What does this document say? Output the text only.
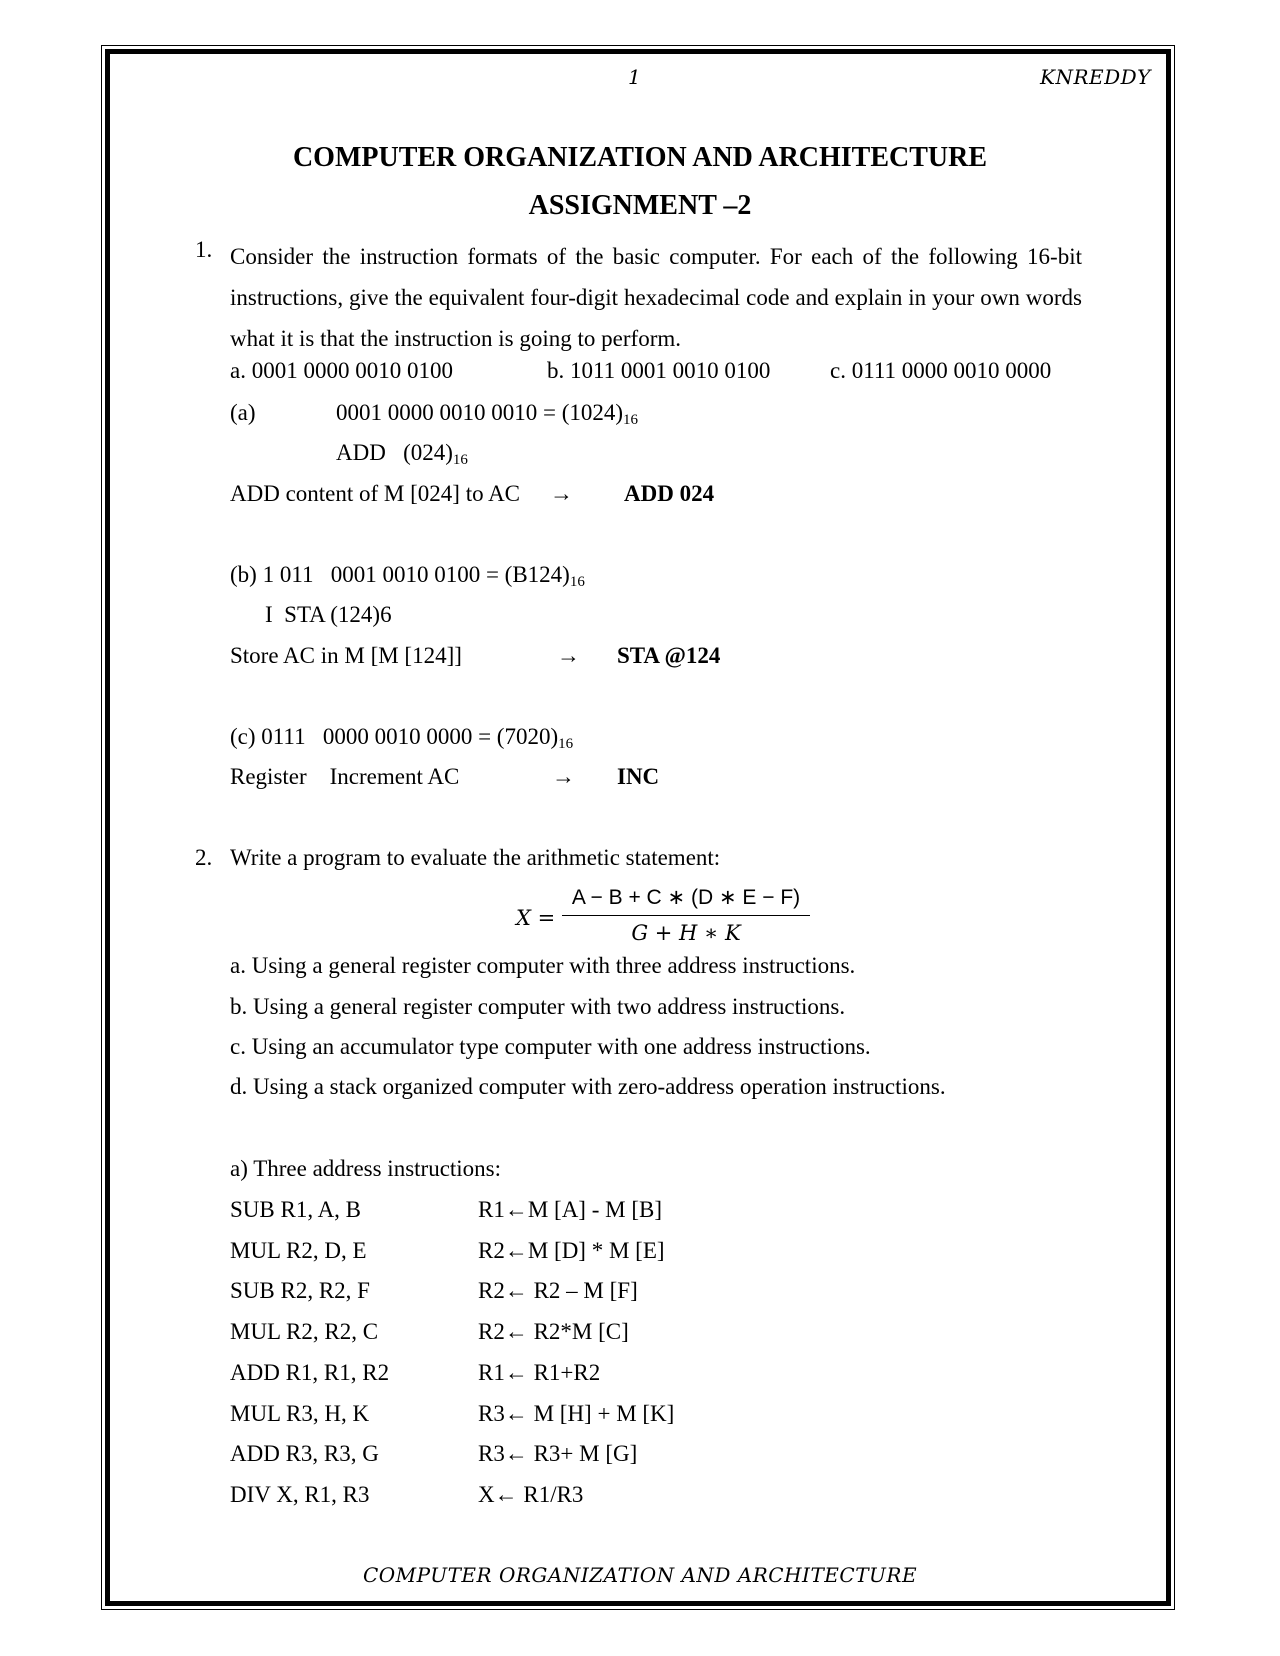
1	KNREDDY
COMPUTER ORGANIZATION AND ARCHITECTURE
ASSIGNMENT –2
1. Consider the instruction formats of the basic computer. For each of the following 16-bit instructions, give the equivalent four-digit hexadecimal code and explain in your own words what it is that the instruction is going to perform.
a. 0001 0000 0010 0100	b. 1011 0001 0010 0100	c. 0111 0000 0010 0000
(a)	0001 0000 0010 $0010 = (1024)_{16}$
ADD   $(024)_{16}$
ADD content of M [024] to AC → ADD 024
(b) 1 011   0001 0010 $0100 = (B124)_{16}$
I  STA (124)6
Store AC in M [M [124]]	→ STA @124
(c) 0111   0000 0010 $0000 = (7020)_{16}$
Register    Increment AC	→ INC
2. Write a program to evaluate the arithmetic statement:
X =
A − B + C ∗ (D ∗ E − F)
G + H ∗ K
a. Using a general register computer with three address instructions.
b. Using a general register computer with two address instructions.
c. Using an accumulator type computer with one address instructions.
d. Using a stack organized computer with zero-address operation instructions.
a) Three address instructions:
SUB R1, A, B	R1←M [A] - M [B]
MUL R2, D, E	R2←M [D] * M [E]
SUB R2, R2, F	R2← R2 – M [F]
MUL R2, R2, C	R2← R2*M [C]
ADD R1, R1, R2	R1← R1+R2
MUL R3, H, K	R3← M [H] + M [K]
ADD R3, R3, G	R3← R3+ M [G]
DIV X, R1, R3	X← R1/R3
COMPUTER ORGANIZATION AND ARCHITECTURE
